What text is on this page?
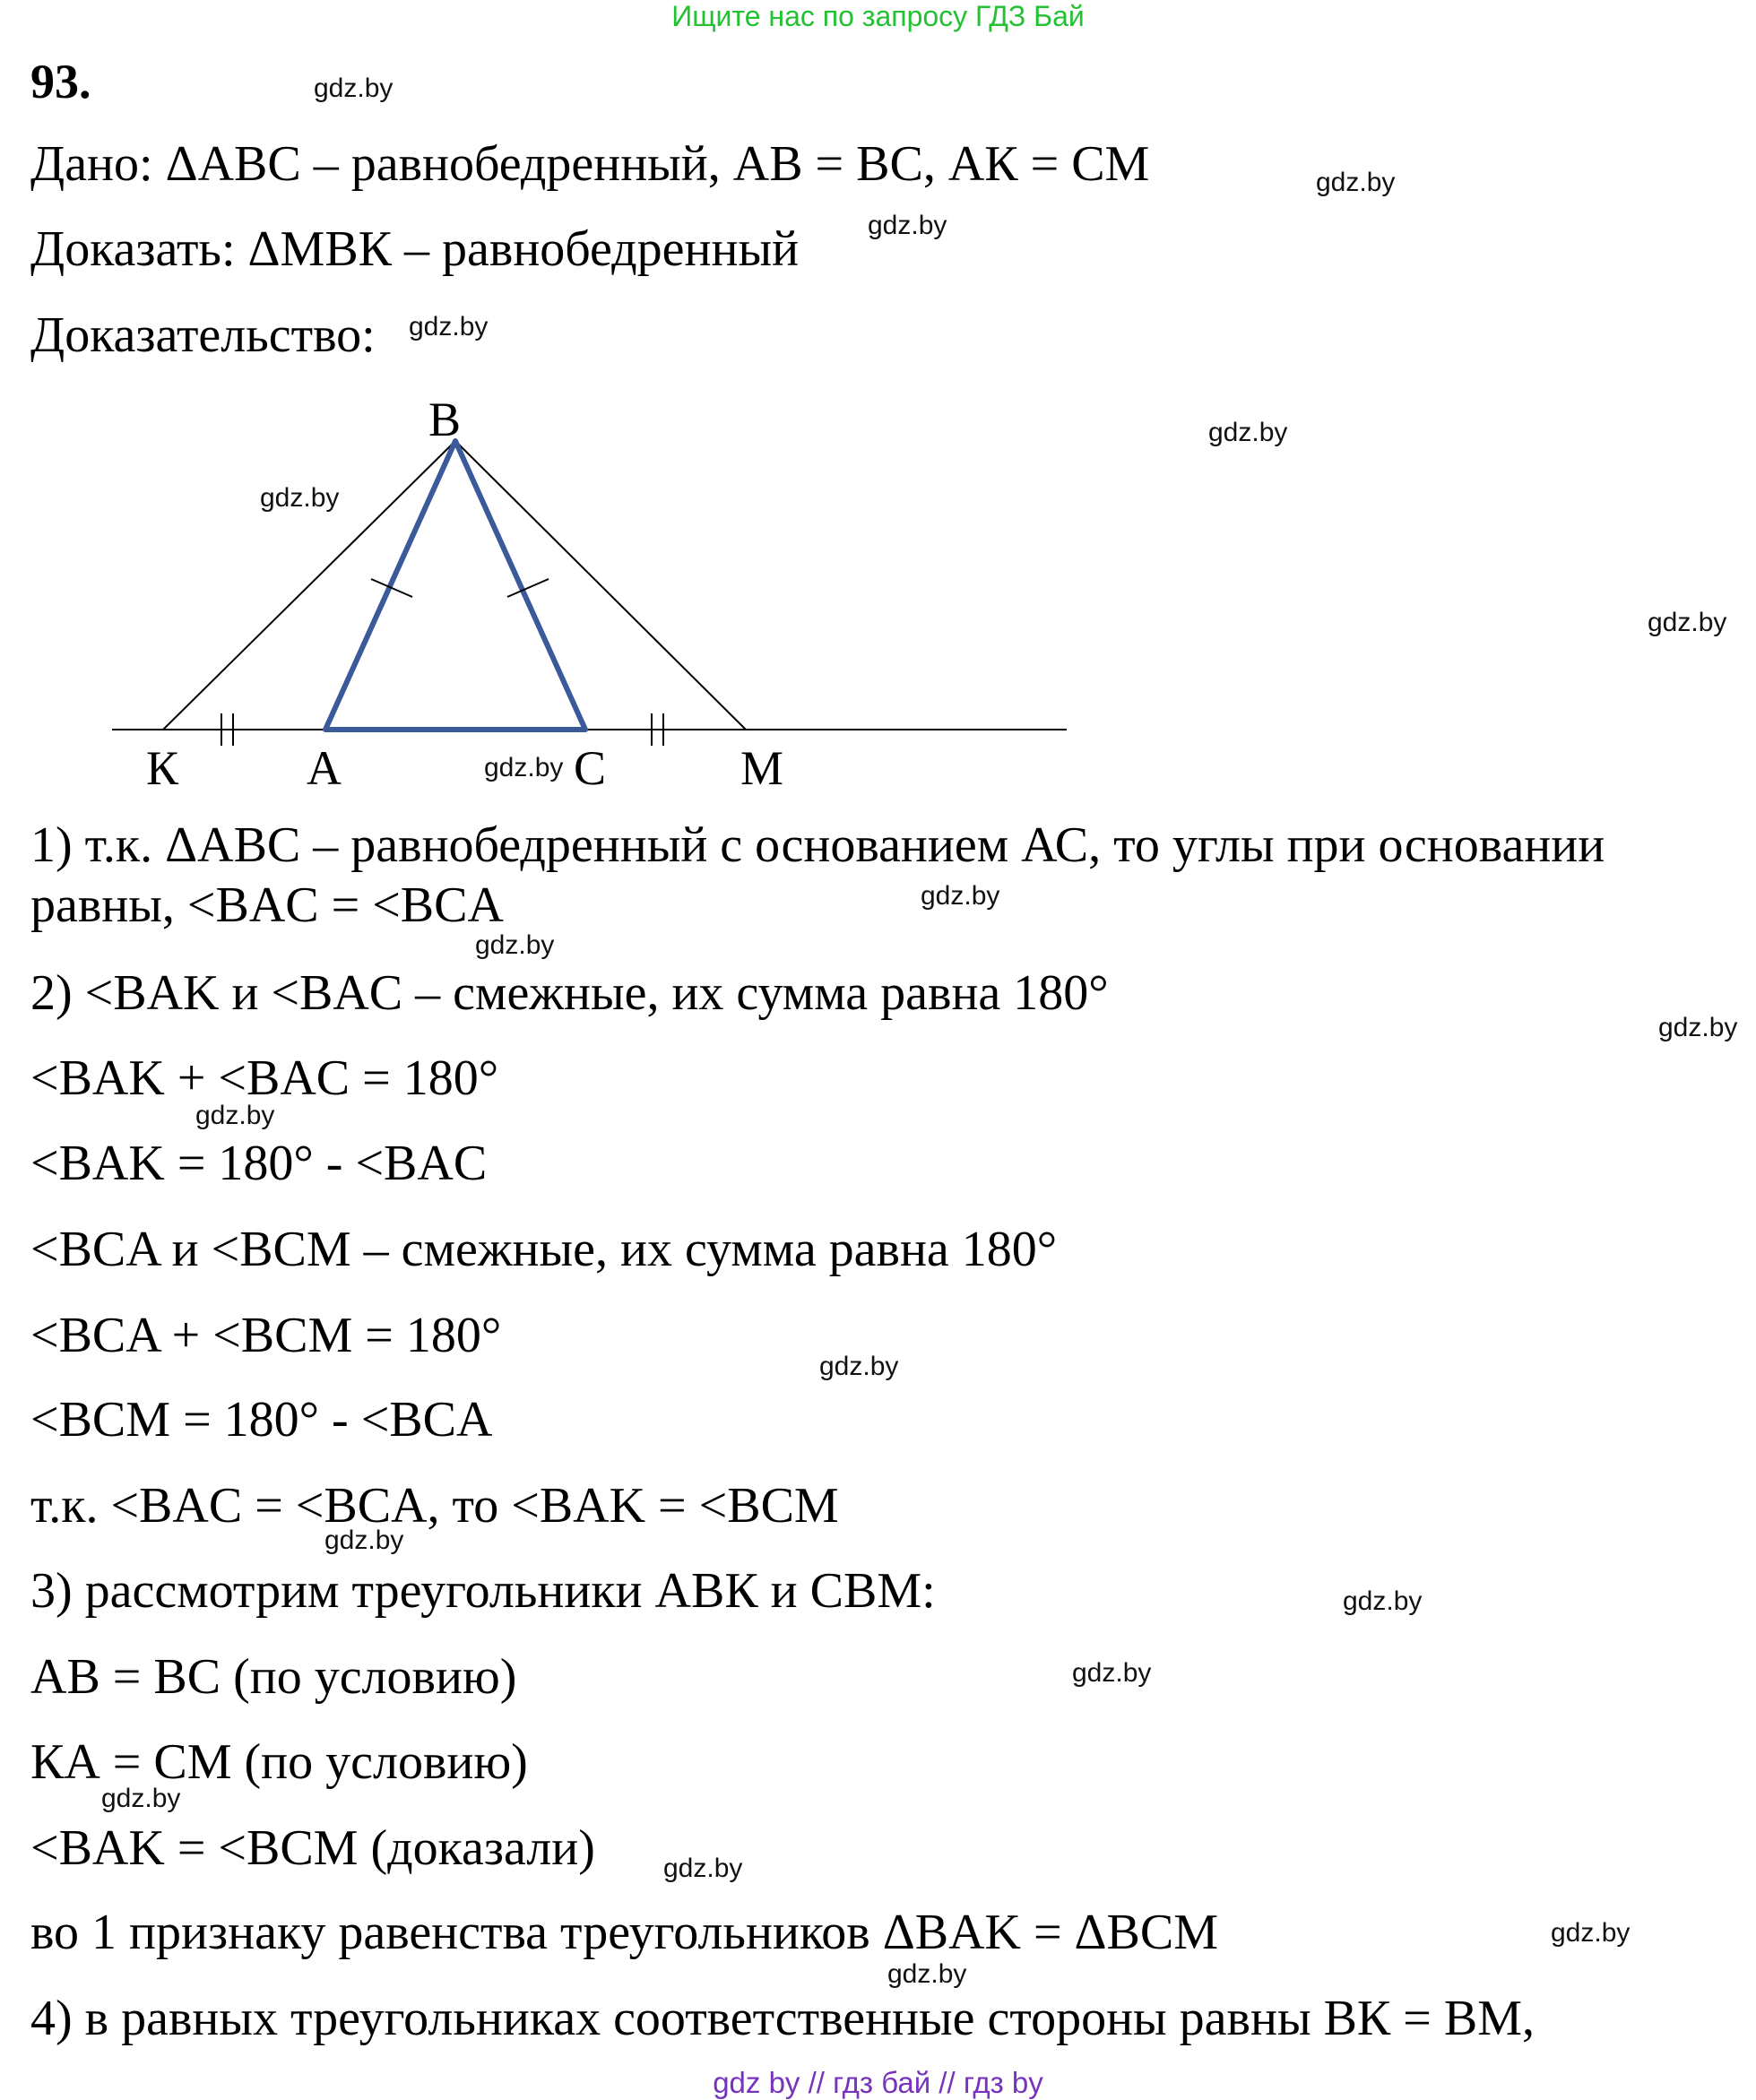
Ищите нас по запросу ГДЗ Бай
93.
Дано: ΔABC – равнобедренный, АВ = ВС, АК = СМ
Доказать: ΔМВК – равнобедренный
Доказательство:
B
К	A	C	M
gdz.by
gdz.by
gdz.by
1) т.к. ΔABC – равнобедренный с основанием АС, то углы при основании
равны, <BAC = <BCA
2) <BAK и <BAC – смежные, их сумма равна 180°
<BAK + <BAC = 180°
<BAK = 180° - <BAC
<BCA и <BCM – смежные, их сумма равна 180°
<BCA + <BCM = 180°
<BCM = 180° - <BCA
т.к. <BAC = <BCA, то <BAK = <BCM
3) рассмотрим треугольники АВК и СВМ:
AB = BC (по условию)
КА = СМ (по условию)
<BAK = <BCM (доказали)
во 1 признаку равенства треугольников ΔBAK = ΔBCM
4) в равных треугольниках соответственные стороны равны ВК = ВМ,
gdz.by
gdz.by
gdz.by
gdz.by
gdz.by
gdz.by
gdz.by
gdz.by
gdz.by
gdz.by
gdz.by
gdz.by
gdz.by
gdz.by
gdz.by
gdz.by
gdz.by
gdz by // гдз бай // гдз by
